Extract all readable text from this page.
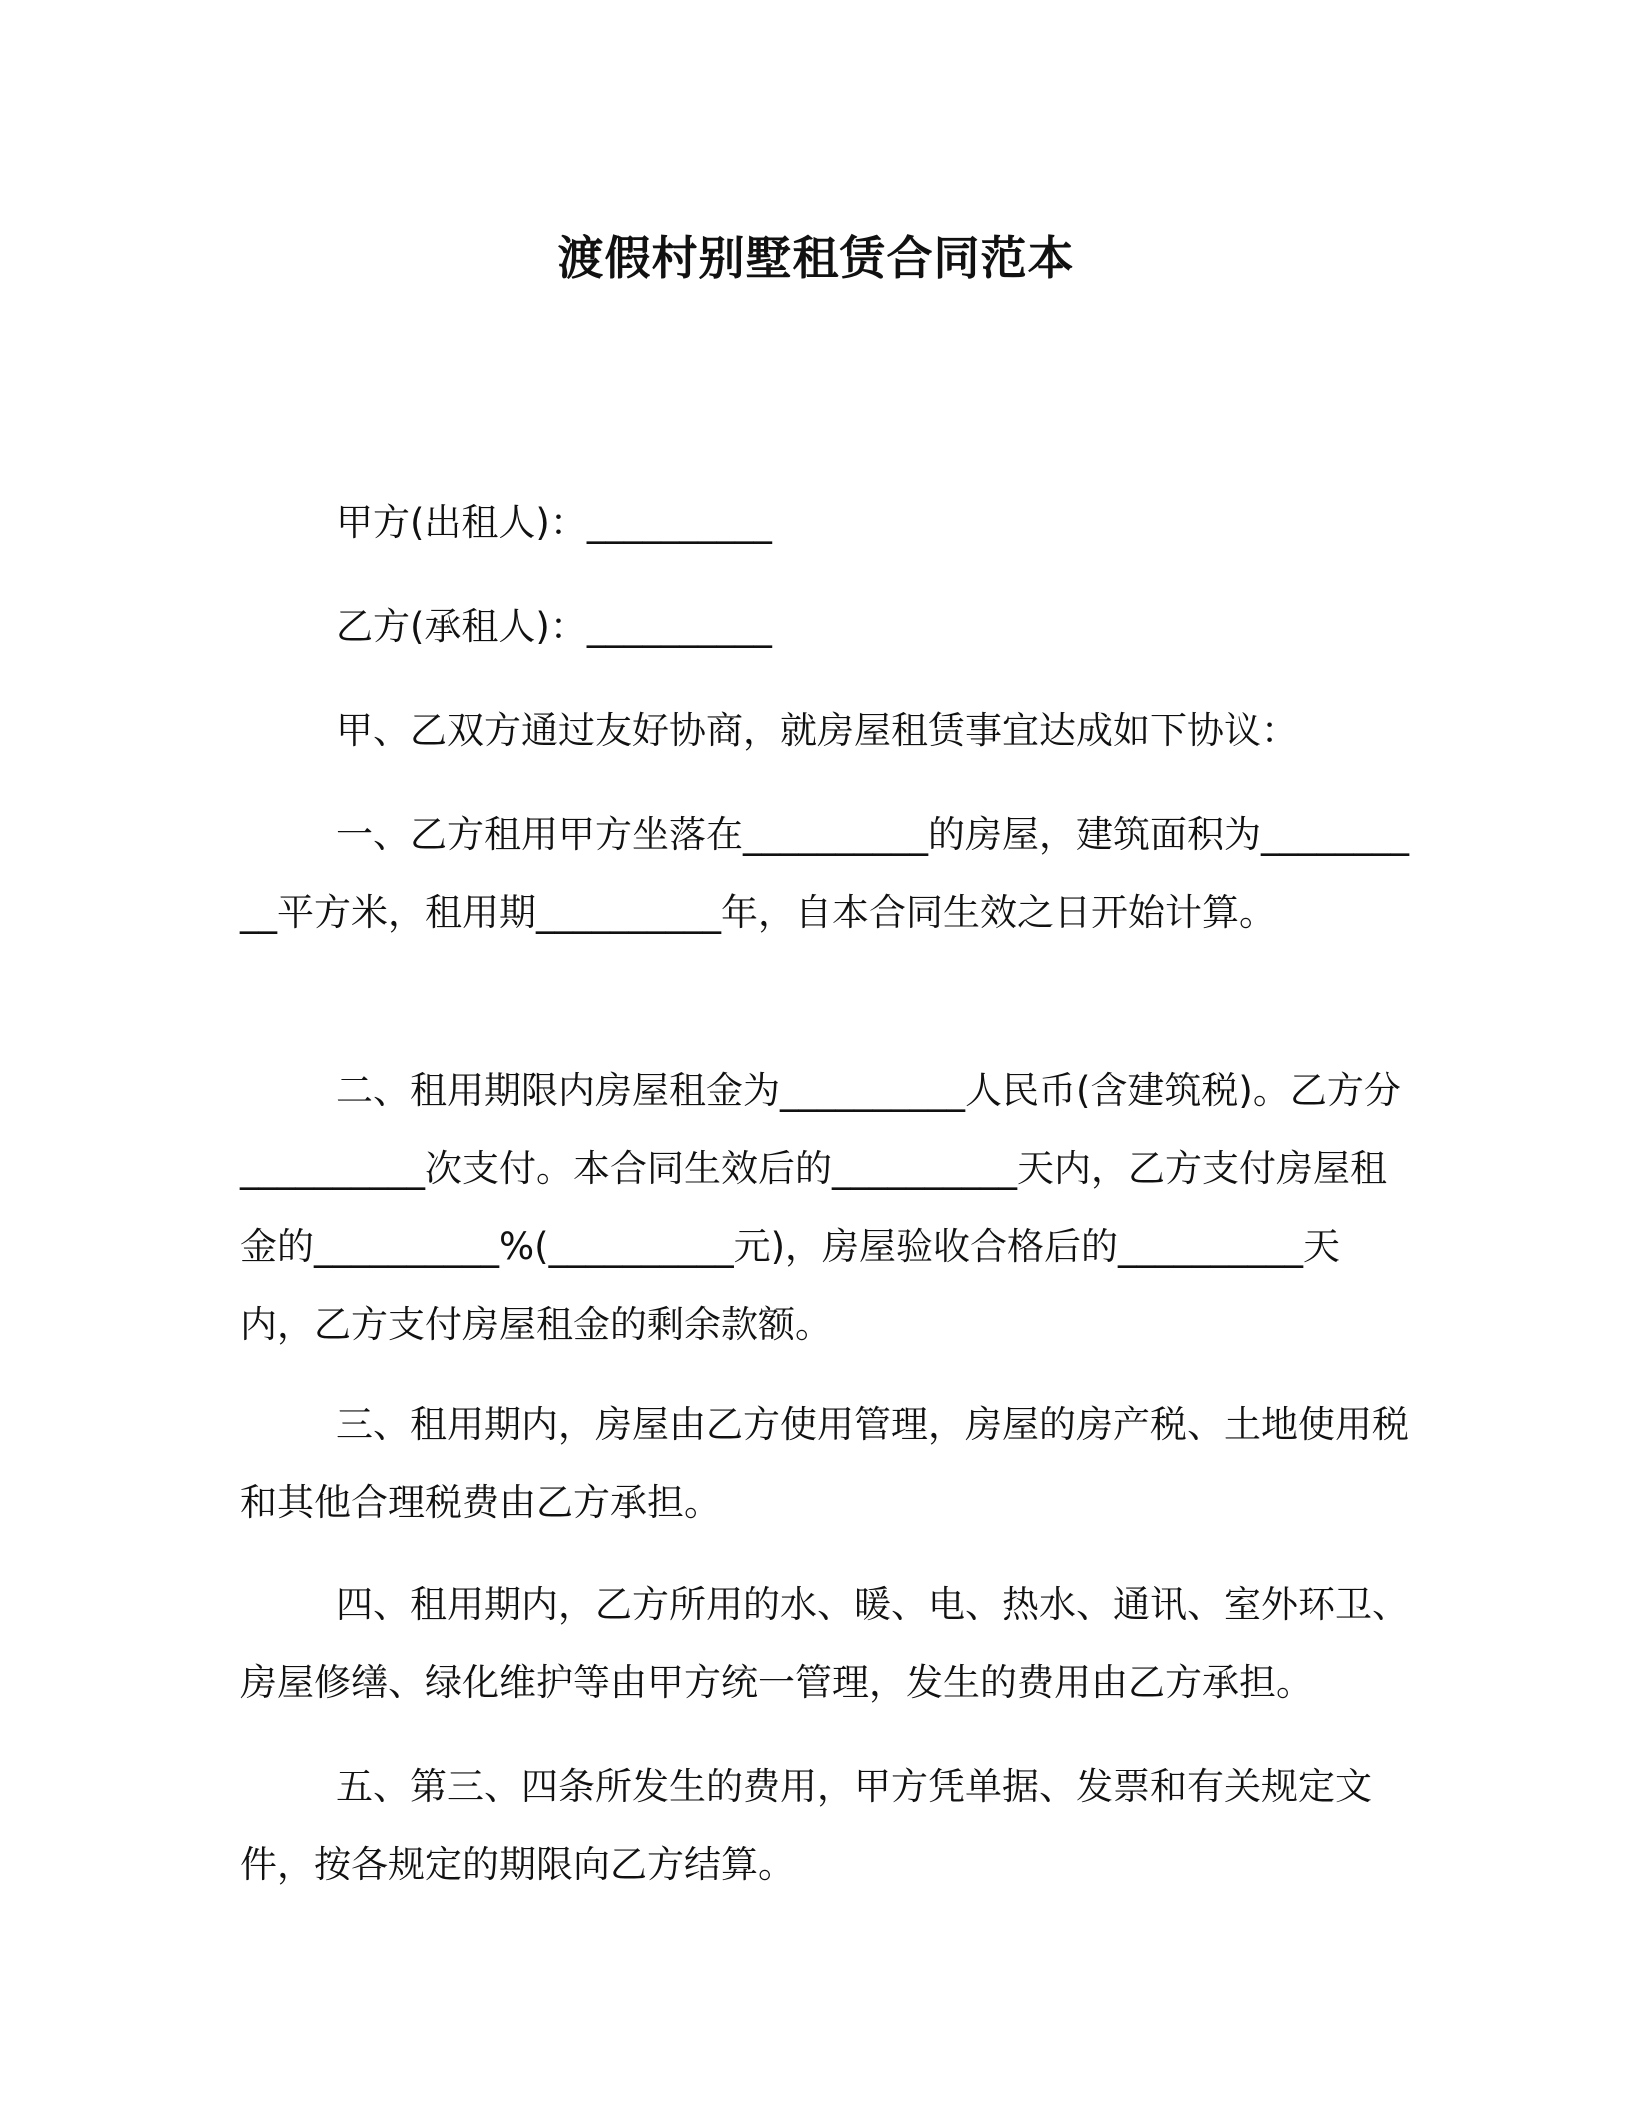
渡假村别墅租赁合同范本

甲方(出租人)：__________

乙方(承租人)：__________

甲、乙双方通过友好协商，就房屋租赁事宜达成如下协议：

一、乙方租用甲方坐落在__________的房屋，建筑面积为__________平方米，租用期__________年，自本合同生效之日开始计算。

二、租用期限内房屋租金为__________人民币(含建筑税)。乙方分__________次支付。本合同生效后的__________天内，乙方支付房屋租金的__________%(__________元)，房屋验收合格后的__________天内，乙方支付房屋租金的剩余款额。

三、租用期内，房屋由乙方使用管理，房屋的房产税、土地使用税和其他合理税费由乙方承担。

四、租用期内，乙方所用的水、暖、电、热水、通讯、室外环卫、房屋修缮、绿化维护等由甲方统一管理，发生的费用由乙方承担。

五、第三、四条所发生的费用，甲方凭单据、发票和有关规定文件，按各规定的期限向乙方结算。
